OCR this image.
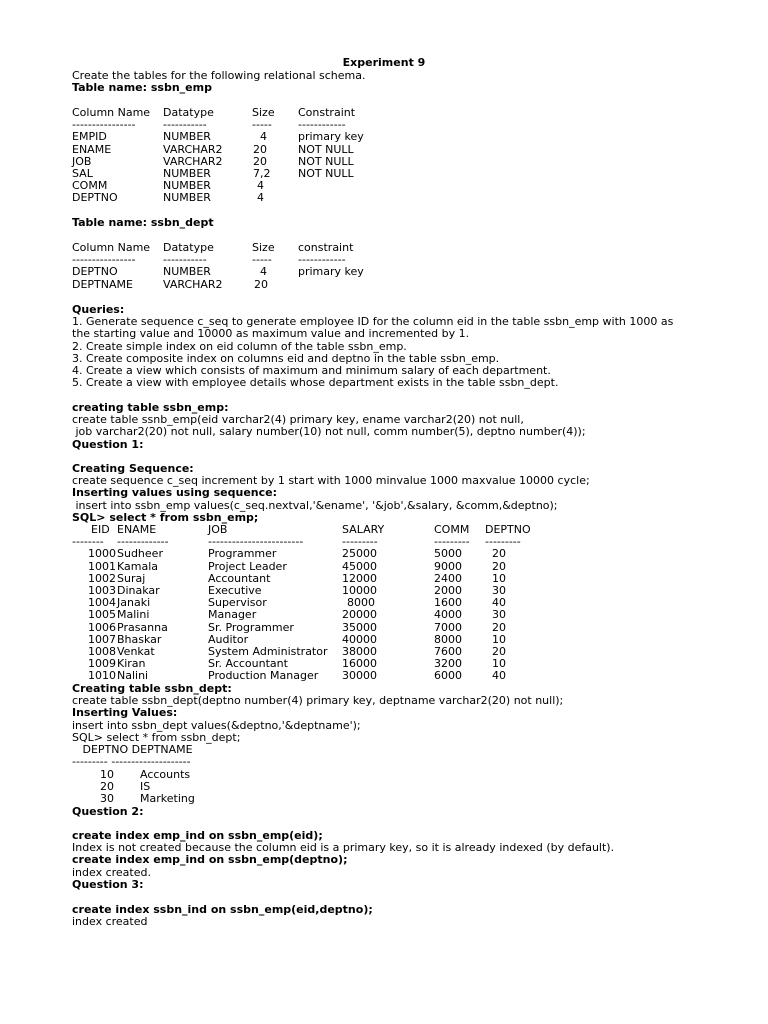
Experiment 9
Create the tables for the following relational schema.
Table name: ssbn_emp
Column Name Datatype	Size Constraint
---------------- -----------	----- ------------
EMPID	NUMBER	4	primary key
ENAME	VARCHAR2	20	NOT NULL
JOB	VARCHAR2	20	NOT NULL
SAL	NUMBER	7,2	NOT NULL
COMM	NUMBER	4
DEPTNO	NUMBER	4
Table name: ssbn_dept
Column Name Datatype	Size constraint
---------------- -----------	----- ------------
DEPTNO	NUMBER	4	primary key
DEPTNAME	VARCHAR2	20
Queries:
1. Generate sequence c_seq to generate employee ID for the column eid in the table ssbn_emp with 1000 as
the starting value and 10000 as maximum value and incremented by 1.
2. Create simple index on eid column of the table ssbn_emp.
3. Create composite index on columns eid and deptno in the table ssbn_emp.
4. Create a view which consists of maximum and minimum salary of each department.
5. Create a view with employee details whose department exists in the table ssbn_dept.
creating table ssbn_emp:
create table ssnb_emp(eid varchar2(4) primary key, ename varchar2(20) not null,
job varchar2(20) not null, salary number(10) not null, comm number(5), deptno number(4));
Question 1:
Creating Sequence:
create sequence c_seq increment by 1 start with 1000 minvalue 1000 maxvalue 10000 cycle;
Inserting values using sequence:
insert into ssbn_emp values(c_seq.nextval,'&ename', '&job',&salary, &comm,&deptno);
SQL> select * from ssbn_emp;
EID ENAME	JOB	SALARY	COMM DEPTNO
-------- -------------	------------------------	---------	--------- ---------
1000 Sudheer	Programmer	25000	5000	20
1001 Kamala	Project Leader	45000	9000	20
1002 Suraj	Accountant	12000	2400	10
1003 Dinakar	Executive	10000	2000	30
1004 Janaki	Supervisor	8000	1600	40
1005 Malini	Manager	20000	4000	30
1006 Prasanna	Sr. Programmer	35000	7000	20
1007 Bhaskar	Auditor	40000	8000	10
1008 Venkat	System Administrator 38000	7600	20
1009 Kiran	Sr. Accountant	16000	3200	10
1010 Nalini	Production Manager 30000	6000	40
Creating table ssbn_dept:
create table ssbn_dept(deptno number(4) primary key, deptname varchar2(20) not null);
Inserting Values:
insert into ssbn_dept values(&deptno,'&deptname');
SQL> select * from ssbn_dept;
DEPTNO DEPTNAME
--------- --------------------
10 Accounts
20 IS
30 Marketing
Question 2:
create index emp_ind on ssbn_emp(eid);
Index is not created because the column eid is a primary key, so it is already indexed (by default).
create index emp_ind on ssbn_emp(deptno);
index created.
Question 3:
create index ssbn_ind on ssbn_emp(eid,deptno);
index created
